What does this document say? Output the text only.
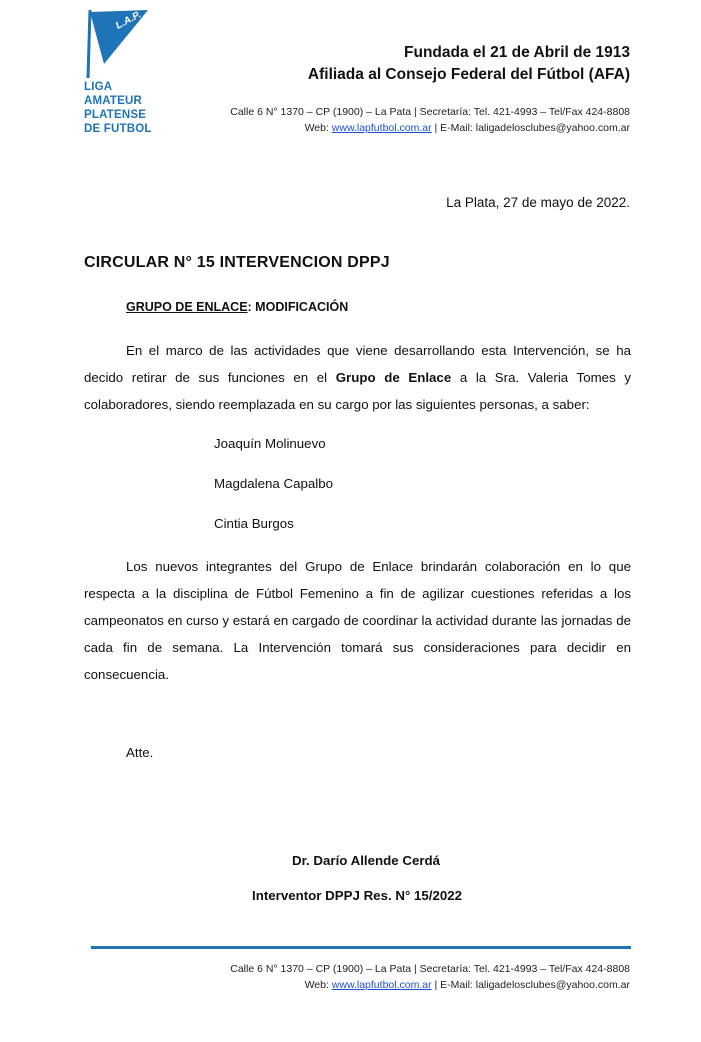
L.A.P.
LIGA
AMATEUR
PLATENSE
DE FUTBOL
Fundada el 21 de Abril de 1913
Afiliada al Consejo Federal del Fútbol (AFA)
Calle 6 N° 1370 – CP (1900) – La Pata | Secretaría: Tel. 421-4993 – Tel/Fax 424-8808
Web: www.lapfutbol.com.ar | E-Mail: laligadelosclubes@yahoo.com.ar
La Plata, 27 de mayo de 2022.
CIRCULAR N° 15 INTERVENCION DPPJ
GRUPO DE ENLACE: MODIFICACIÓN
En el marco de las actividades que viene desarrollando esta Intervención, se ha decido retirar de sus funciones en el Grupo de Enlace a la Sra. Valeria Tomes y colaboradores, siendo reemplazada en su cargo por las siguientes personas, a saber:
Joaquín Molinuevo
Magdalena Capalbo
Cintia Burgos
Los nuevos integrantes del Grupo de Enlace brindarán colaboración en lo que respecta a la disciplina de Fútbol Femenino a fin de agilizar cuestiones referidas a los campeonatos en curso y estará en cargado de coordinar la actividad durante las jornadas de cada fin de semana. La Intervención tomará sus consideraciones para decidir en consecuencia.
Atte.
Dr. Darío Allende Cerdá
Interventor DPPJ Res. N° 15/2022
Calle 6 N° 1370 – CP (1900) – La Pata | Secretaría: Tel. 421-4993 – Tel/Fax 424-8808
Web: www.lapfutbol.com.ar | E-Mail: laligadelosclubes@yahoo.com.ar
